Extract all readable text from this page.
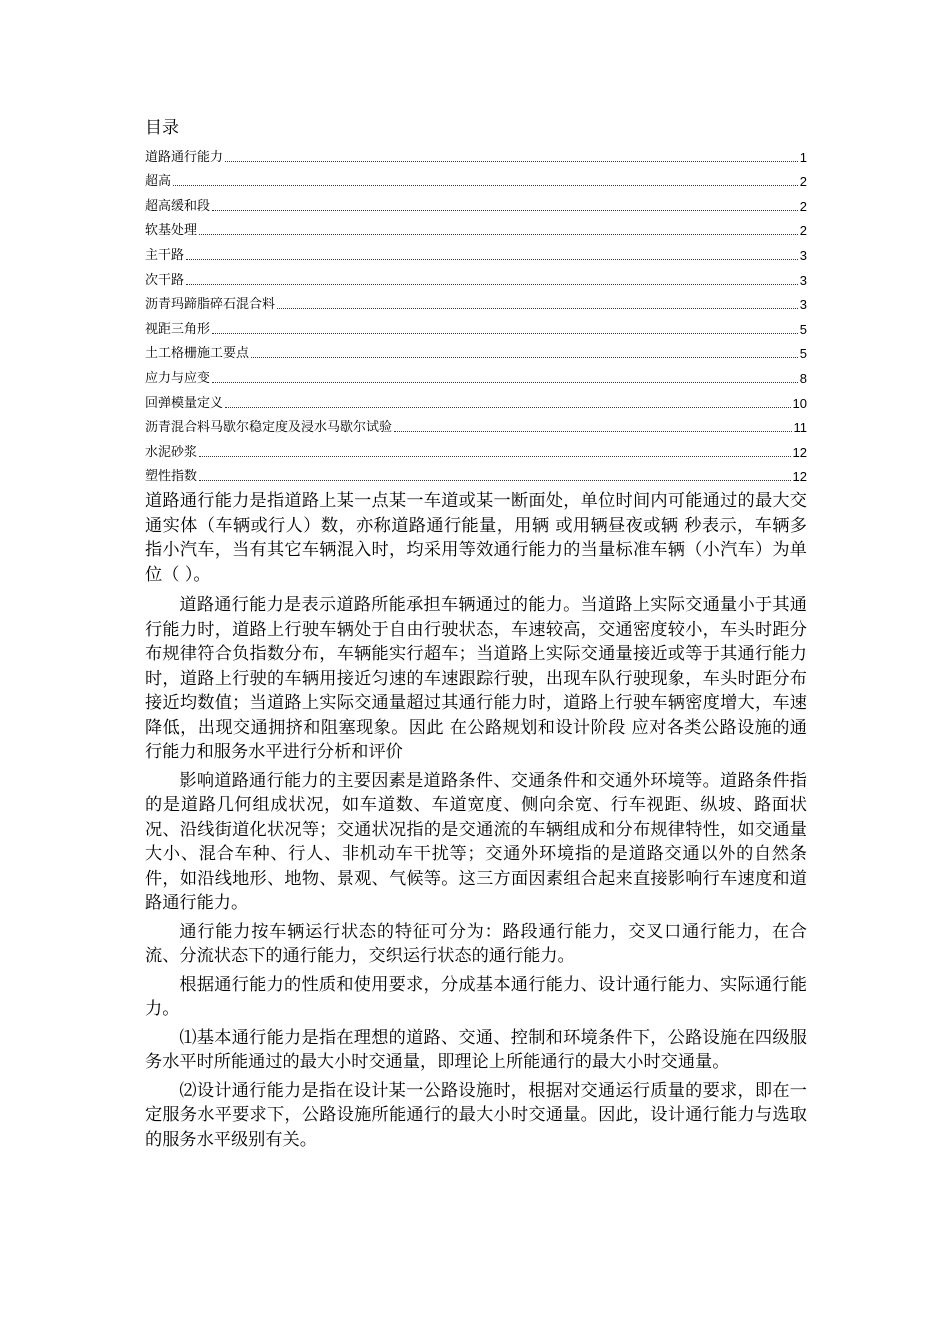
目录
道路通行能力	1
超高	2
超高缓和段	2
软基处理	2
主干路	3
次干路	3
沥青玛蹄脂碎石混合料	3
视距三角形	5
土工格栅施工要点	5
应力与应变	8
回弹模量定义	10
沥青混合料马歇尔稳定度及浸水马歇尔试验	11
水泥砂浆	12
塑性指数	12

道路通行能力是指道路上某一点某一车道或某一断面处，单位时间内可能通过的最大交通实体（车辆或行人）数，亦称道路通行能量，用辆 或用辆昼夜或辆 秒表示，车辆多指小汽车，当有其它车辆混入时，均采用等效通行能力的当量标准车辆（小汽车）为单位（ ）。

道路通行能力是表示道路所能承担车辆通过的能力。当道路上实际交通量小于其通行能力时，道路上行驶车辆处于自由行驶状态，车速较高，交通密度较小，车头时距分布规律符合负指数分布，车辆能实行超车；当道路上实际交通量接近或等于其通行能力时，道路上行驶的车辆用接近匀速的车速跟踪行驶，出现车队行驶现象，车头时距分布接近均数值；当道路上实际交通量超过其通行能力时，道路上行驶车辆密度增大，车速降低，出现交通拥挤和阻塞现象。因此 在公路规划和设计阶段 应对各类公路设施的通行能力和服务水平进行分析和评价

影响道路通行能力的主要因素是道路条件、交通条件和交通外环境等。道路条件指的是道路几何组成状况，如车道数、车道宽度、侧向余宽、行车视距、纵坡、路面状况、沿线街道化状况等；交通状况指的是交通流的车辆组成和分布规律特性，如交通量大小、混合车种、行人、非机动车干扰等；交通外环境指的是道路交通以外的自然条件，如沿线地形、地物、景观、气候等。这三方面因素组合起来直接影响行车速度和道路通行能力。

通行能力按车辆运行状态的特征可分为：路段通行能力，交叉口通行能力，在合流、分流状态下的通行能力，交织运行状态的通行能力。

根据通行能力的性质和使用要求，分成基本通行能力、设计通行能力、实际通行能力。

⑴基本通行能力是指在理想的道路、交通、控制和环境条件下，公路设施在四级服务水平时所能通过的最大小时交通量，即理论上所能通行的最大小时交通量。

⑵设计通行能力是指在设计某一公路设施时，根据对交通运行质量的要求，即在一定服务水平要求下，公路设施所能通行的最大小时交通量。因此，设计通行能力与选取的服务水平级别有关。
